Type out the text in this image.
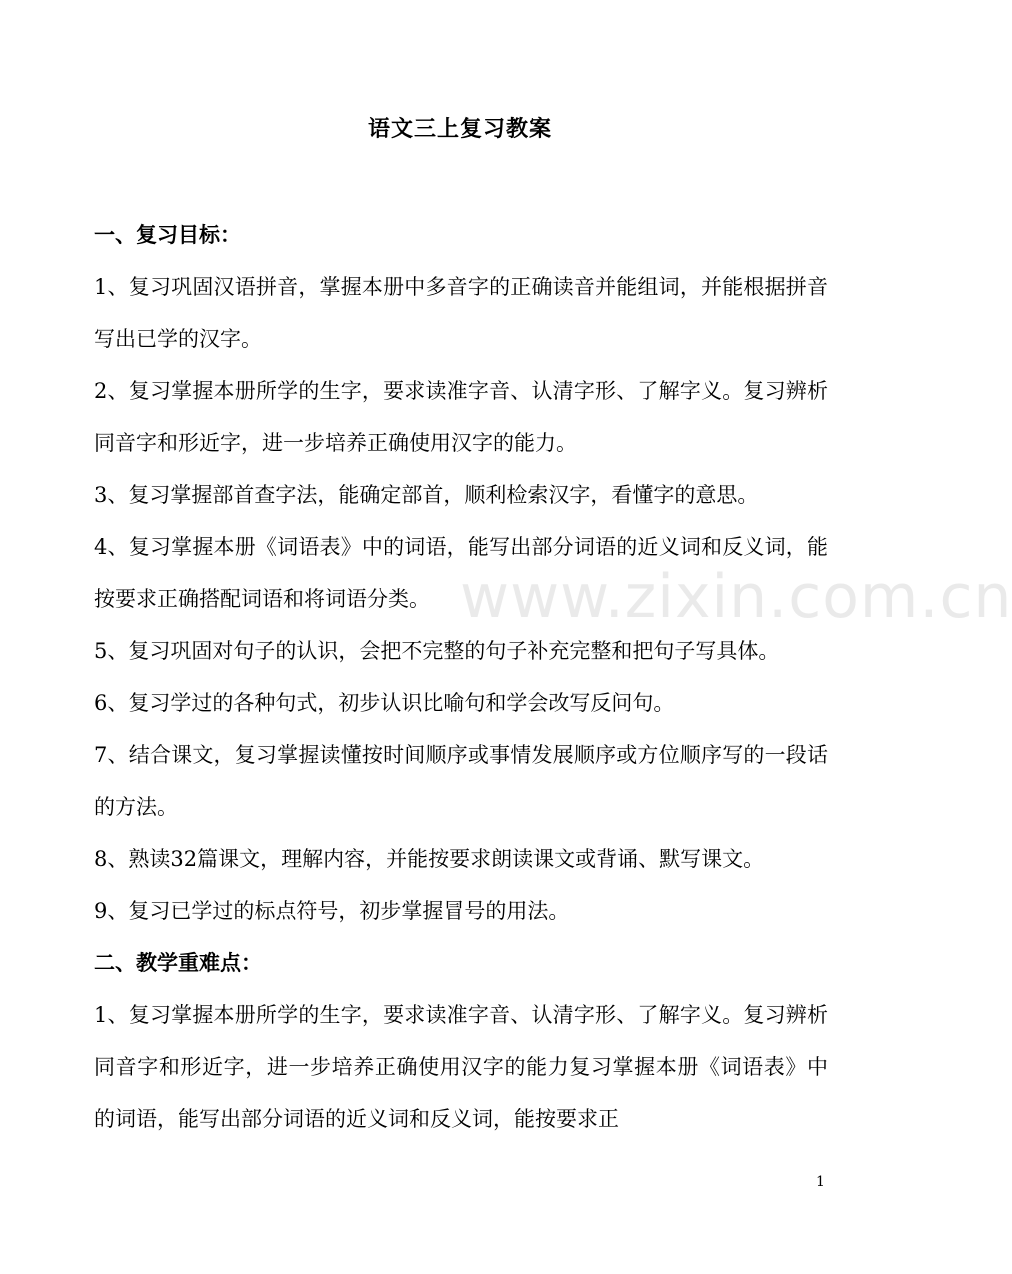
语文三上复习教案

一、复习目标：

1、复习巩固汉语拼音，掌握本册中多音字的正确读音并能组词，并能根据拼音写出已学的汉字。

2、复习掌握本册所学的生字，要求读准字音、认清字形、了解字义。复习辨析同音字和形近字，进一步培养正确使用汉字的能力。

3、复习掌握部首查字法，能确定部首，顺利检索汉字，看懂字的意思。

4、复习掌握本册《词语表》中的词语，能写出部分词语的近义词和反义词，能按要求正确搭配词语和将词语分类。

5、复习巩固对句子的认识，会把不完整的句子补充完整和把句子写具体。

6、复习学过的各种句式，初步认识比喻句和学会改写反问句。

7、结合课文，复习掌握读懂按时间顺序或事情发展顺序或方位顺序写的一段话的方法。

8、熟读32篇课文，理解内容，并能按要求朗读课文或背诵、默写课文。

9、复习已学过的标点符号，初步掌握冒号的用法。

二、教学重难点：

1、复习掌握本册所学的生字，要求读准字音、认清字形、了解字义。复习辨析同音字和形近字，进一步培养正确使用汉字的能力复习掌握本册《词语表》中的词语，能写出部分词语的近义词和反义词，能按要求正

www.zixin.com.cn
1
